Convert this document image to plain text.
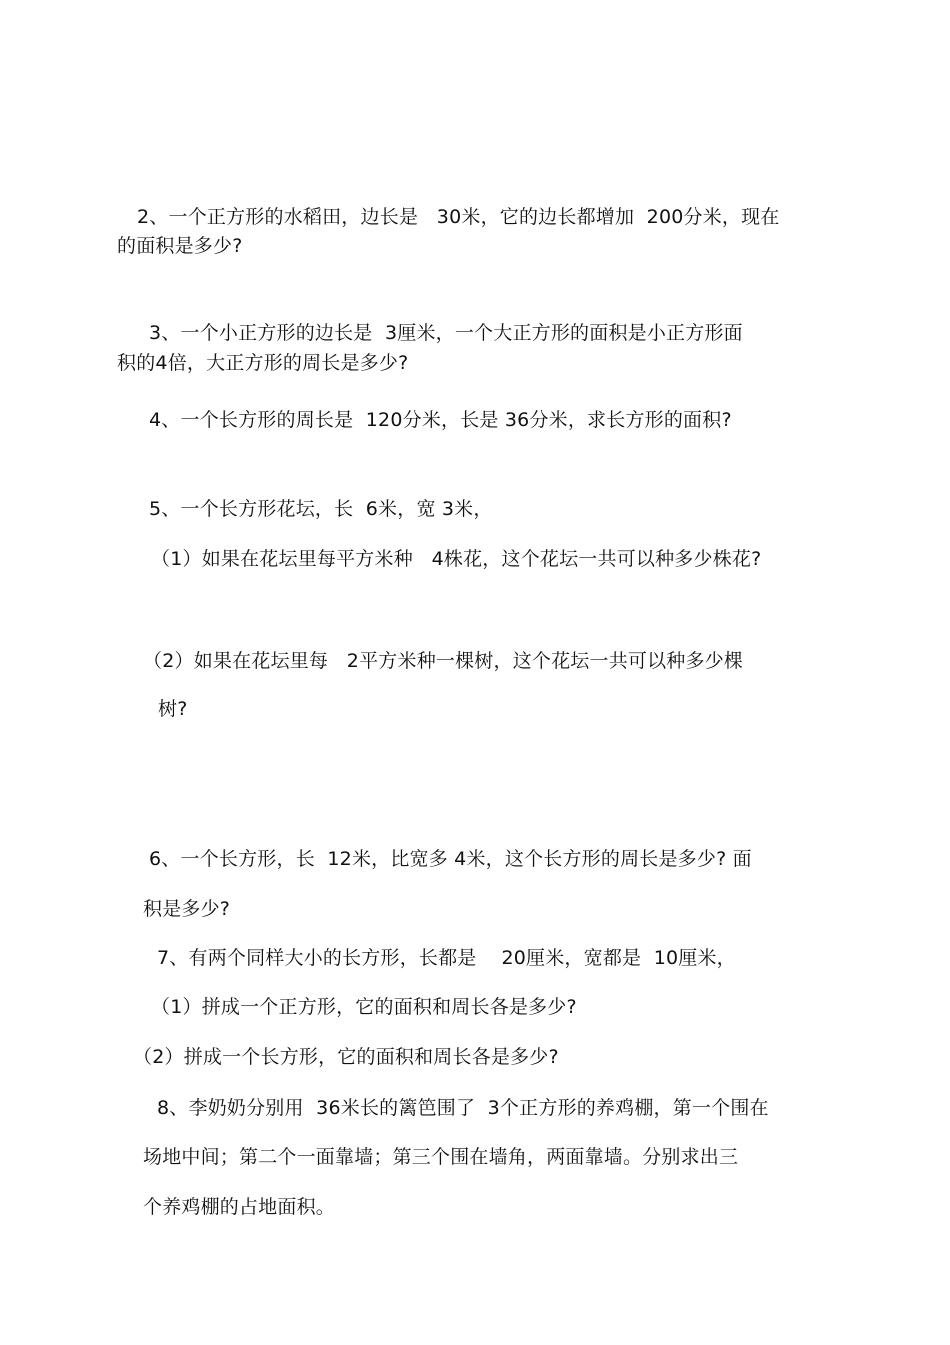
2、一个正方形的水稻田，边长是   30米，它的边长都增加  200分米，现在
的面积是多少?
3、一个小正方形的边长是  3厘米，一个大正方形的面积是小正方形面
积的4倍，大正方形的周长是多少?
4、一个长方形的周长是  120分米，长是 36分米，求长方形的面积?
5、一个长方形花坛，长  6米，宽 3米，
（1）如果在花坛里每平方米种   4株花，这个花坛一共可以种多少株花?
（2）如果在花坛里每   2平方米种一棵树，这个花坛一共可以种多少棵
树?
6、一个长方形，长  12米，比宽多 4米，这个长方形的周长是多少? 面
积是多少?
7、有两个同样大小的长方形，长都是    20厘米，宽都是  10厘米，
（1）拼成一个正方形，它的面积和周长各是多少?
（2）拼成一个长方形，它的面积和周长各是多少?
8、李奶奶分别用  36米长的篱笆围了  3个正方形的养鸡棚，第一个围在
场地中间；第二个一面靠墙；第三个围在墙角，两面靠墙。分别求出三
个养鸡棚的占地面积。
